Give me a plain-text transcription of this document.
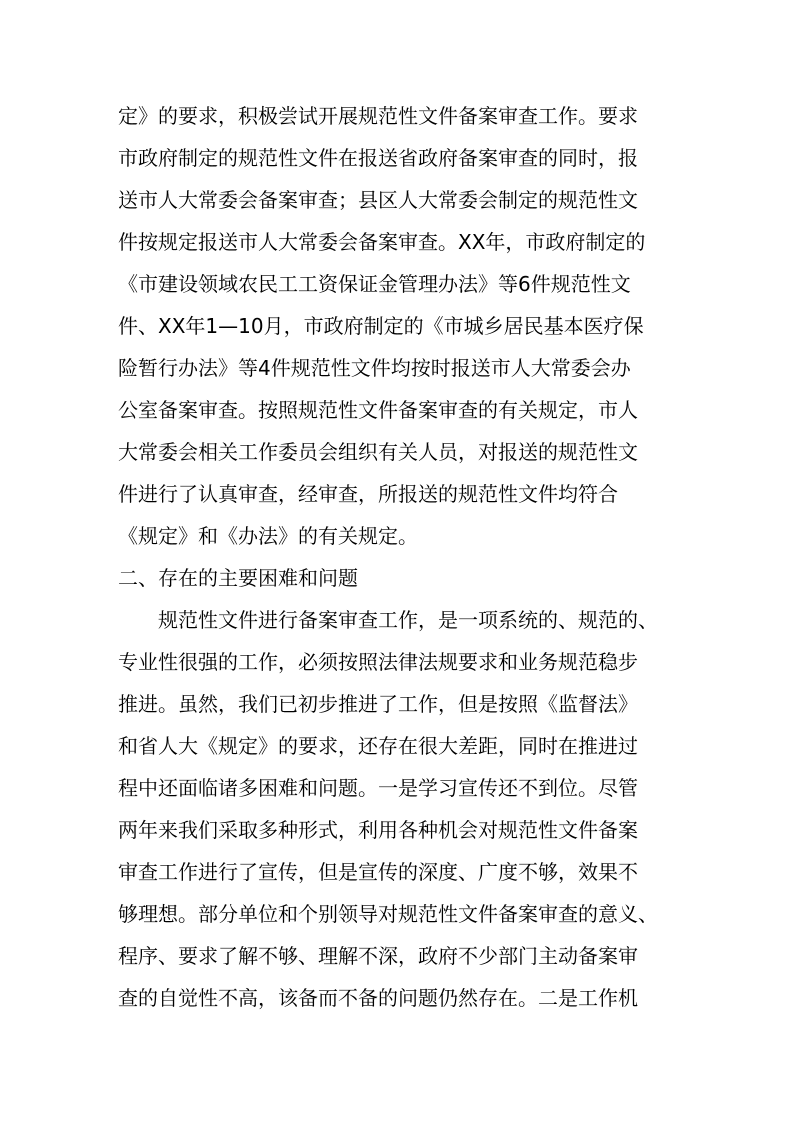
定》的要求，积极尝试开展规范性文件备案审查工作。要求
市政府制定的规范性文件在报送省政府备案审查的同时，报
送市人大常委会备案审查；县区人大常委会制定的规范性文
件按规定报送市人大常委会备案审查。XX年，市政府制定的
《市建设领域农民工工资保证金管理办法》等6件规范性文
件、XX年1—10月，市政府制定的《市城乡居民基本医疗保
险暂行办法》等4件规范性文件均按时报送市人大常委会办
公室备案审查。按照规范性文件备案审查的有关规定，市人
大常委会相关工作委员会组织有关人员，对报送的规范性文
件进行了认真审查，经审查，所报送的规范性文件均符合
《规定》和《办法》的有关规定。
二、存在的主要困难和问题
规范性文件进行备案审查工作，是一项系统的、规范的、
专业性很强的工作，必须按照法律法规要求和业务规范稳步
推进。虽然，我们已初步推进了工作，但是按照《监督法》
和省人大《规定》的要求，还存在很大差距，同时在推进过
程中还面临诸多困难和问题。一是学习宣传还不到位。尽管
两年来我们采取多种形式，利用各种机会对规范性文件备案
审查工作进行了宣传，但是宣传的深度、广度不够，效果不
够理想。部分单位和个别领导对规范性文件备案审查的意义、
程序、要求了解不够、理解不深，政府不少部门主动备案审
查的自觉性不高，该备而不备的问题仍然存在。二是工作机
